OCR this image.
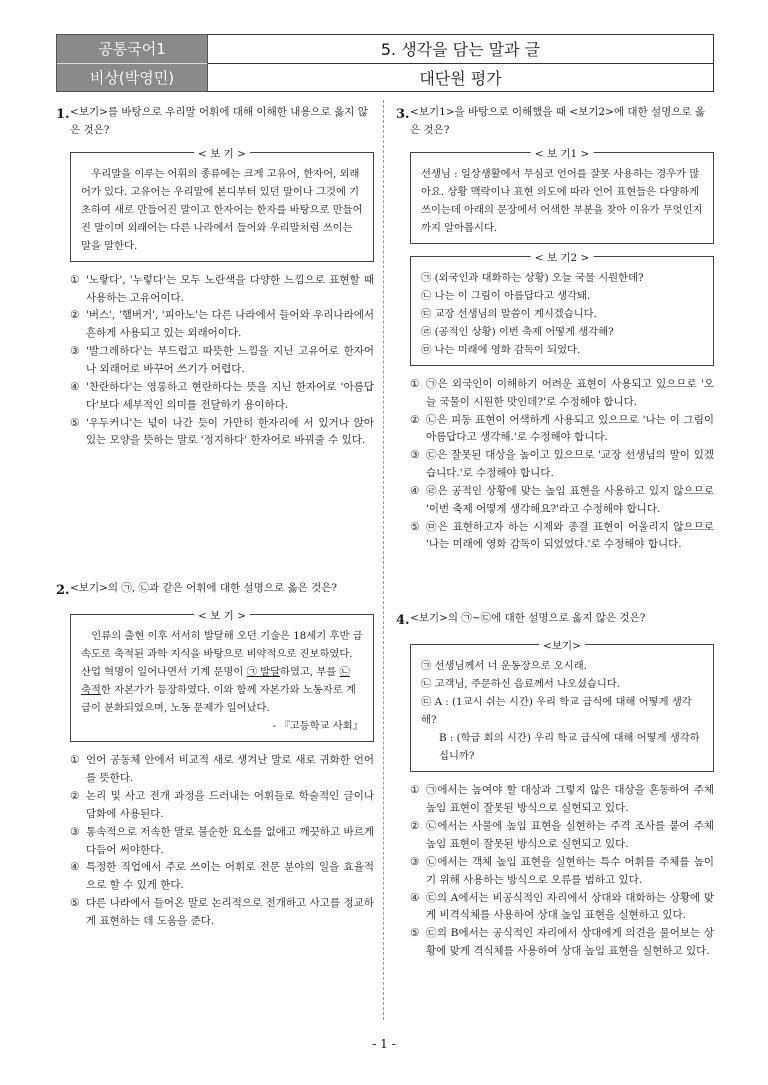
공통국어1
비상(박영민)
5. 생각을 담는 말과 글
대단원 평가
1. <보기>를 바탕으로 우리말 어휘에 대해 이해한 내용으로 옳지 않은 것은?
< 보 기 >

우리말을 이루는 어휘의 종류에는 크게 고유어, 한자어, 외래어가 있다. 고유어는 우리말에 본디부터 있던 말이나 그것에 기초하여 새로 만들어진 말이고 한자어는 한자를 바탕으로 만들어진 말이며 외래어는 다른 나라에서 들어와 우리말처럼 쓰이는 말을 말한다.

① '노랗다', '누렇다'는 모두 노란색을 다양한 느낌으로 표현할 때 사용하는 고유어이다.
② '버스', '햄버거', '피아노'는 다른 나라에서 들어와 우리나라에서 흔하게 사용되고 있는 외래어이다.
③ '발그레하다'는 부드럽고 따뜻한 느낌을 지닌 고유어로 한자어나 외래어로 바꾸어 쓰기가 어렵다.
④ '찬란하다'는 영롱하고 현란하다는 뜻을 지닌 한자어로 '아름답다'보다 세부적인 의미를 전달하기 용이하다.
⑤ '우두커니'는 넋이 나간 듯이 가만히 한자리에 서 있거나 앉아 있는 모양을 뜻하는 말로 '정지하다' 한자어로 바꿔줄 수 있다.
2. <보기>의 ㉠, ㉡과 같은 어휘에 대한 설명으로 옳은 것은?
< 보 기 >

인류의 출현 이후 서서히 발달해 오던 기술은 18세기 후반 급속도로 축적된 과학 지식을 바탕으로 비약적으로 진보하였다. 산업 혁명이 일어나면서 기계 문명이 ㉠ 발달하였고, 부를 ㉡ 축적한 자본가가 등장하였다. 이와 함께 자본가와 노동자로 계급이 분화되었으며, 노동 문제가 일어났다.

- 『고등학교 사회』

① 언어 공동체 안에서 비교적 새로 생겨난 말로 새로 귀화한 언어를 뜻한다.
② 논리 및 사고 전개 과정을 드러내는 어휘들로 학술적인 글이나 담화에 사용된다.
③ 통속적으로 저속한 말로 불순한 요소를 없애고 깨끗하고 바르게 다듬어 써야한다.
④ 특정한 직업에서 주로 쓰이는 어휘로 전문 분야의 일을 효율적으로 할 수 있게 한다.
⑤ 다른 나라에서 들어온 말로 논리적으로 전개하고 사고를 정교하게 표현하는 데 도움을 준다.
3. <보기1>을 바탕으로 이해했을 때 <보기2>에 대한 설명으로 옳은 것은?
< 보 기1 >

선생님 : 일상생활에서 무심코 언어를 잘못 사용하는 경우가 많아요. 상황 맥락이나 표현 의도에 따라 언어 표현들은 다양하게 쓰이는데 아래의 문장에서 어색한 부분을 찾아 이유가 무엇인지까지 알아봅시다.

< 보 기2 >

㉠ (외국인과 대화하는 상황) 오늘 국물 시원한데?

㉡ 나는 이 그림이 아름답다고 생각돼.

㉢ 교장 선생님의 말씀이 계시겠습니다.

㉣ (공적인 상황) 이번 축제 어떻게 생각해?

㉤ 나는 미래에 영화 감독이 되었다.

① ㉠은 외국인이 이해하기 어려운 표현이 사용되고 있으므로 '오늘 국물이 시원한 맛인데?'로 수정해야 합니다.
② ㉡은 피동 표현이 어색하게 사용되고 있으므로 '나는 이 그림이 아름답다고 생각해.'로 수정해야 합니다.
③ ㉢은 잘못된 대상을 높이고 있으므로 '교장 선생님의 말이 있겠습니다.'로 수정해야 합니다.
④ ㉣은 공적인 상황에 맞는 높임 표현을 사용하고 있지 않으므로 '이번 축제 어떻게 생각해요?'라고 수정해야 합니다.
⑤ ㉤은 표현하고자 하는 시제와 종결 표현이 어울리지 않으므로 '나는 미래에 영화 감독이 되었었다.'로 수정해야 합니다.
4. <보기>의 ㉠~㉢에 대한 설명으로 옳지 않은 것은?
<보기>

㉠ 선생님께서 너 운동장으로 오시래.

㉡ 고객님, 주문하신 음료께서 나오셨습니다.

㉢ A : (1교시 쉬는 시간) 우리 학교 급식에 대해 어떻게 생각해?

B : (학급 회의 시간) 우리 학교 급식에 대해 어떻게 생각하십니까?

① ㉠에서는 높여야 할 대상과 그렇지 않은 대상을 혼동하여 주체 높임 표현이 잘못된 방식으로 실현되고 있다.
② ㉡에서는 사물에 높임 표현을 실현하는 주격 조사를 붙여 주체 높임 표현이 잘못된 방식으로 실현되고 있다.
③ ㉡에서는 객체 높임 표현을 실현하는 특수 어휘를 주체를 높이기 위해 사용하는 방식으로 오류를 범하고 있다.
④ ㉢의 A에서는 비공식적인 자리에서 상대와 대화하는 상황에 맞게 비격식체를 사용하여 상대 높임 표현을 실현하고 있다.
⑤ ㉢의 B에서는 공식적인 자리에서 상대에게 의견을 물어보는 상황에 맞게 격식체를 사용하여 상대 높임 표현을 실현하고 있다.
- 1 -
